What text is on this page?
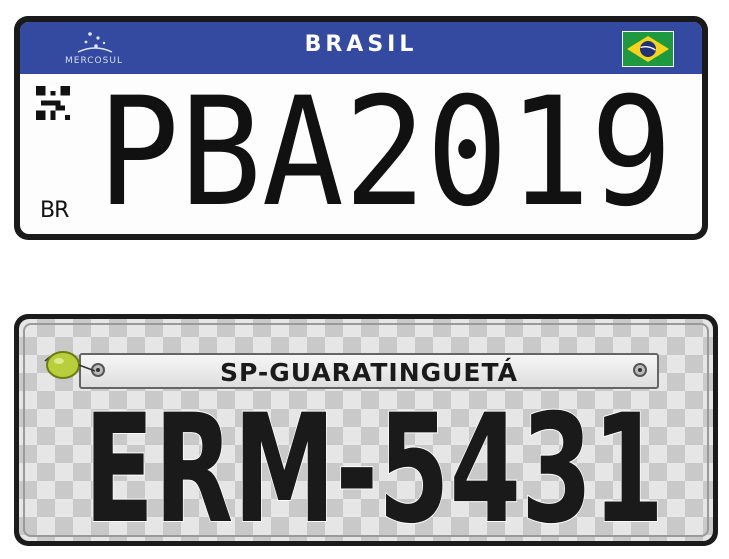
MERCOSUL
BRASIL
BR PBA2019
SP-GUARATINGUETÁ
ERM-5431
